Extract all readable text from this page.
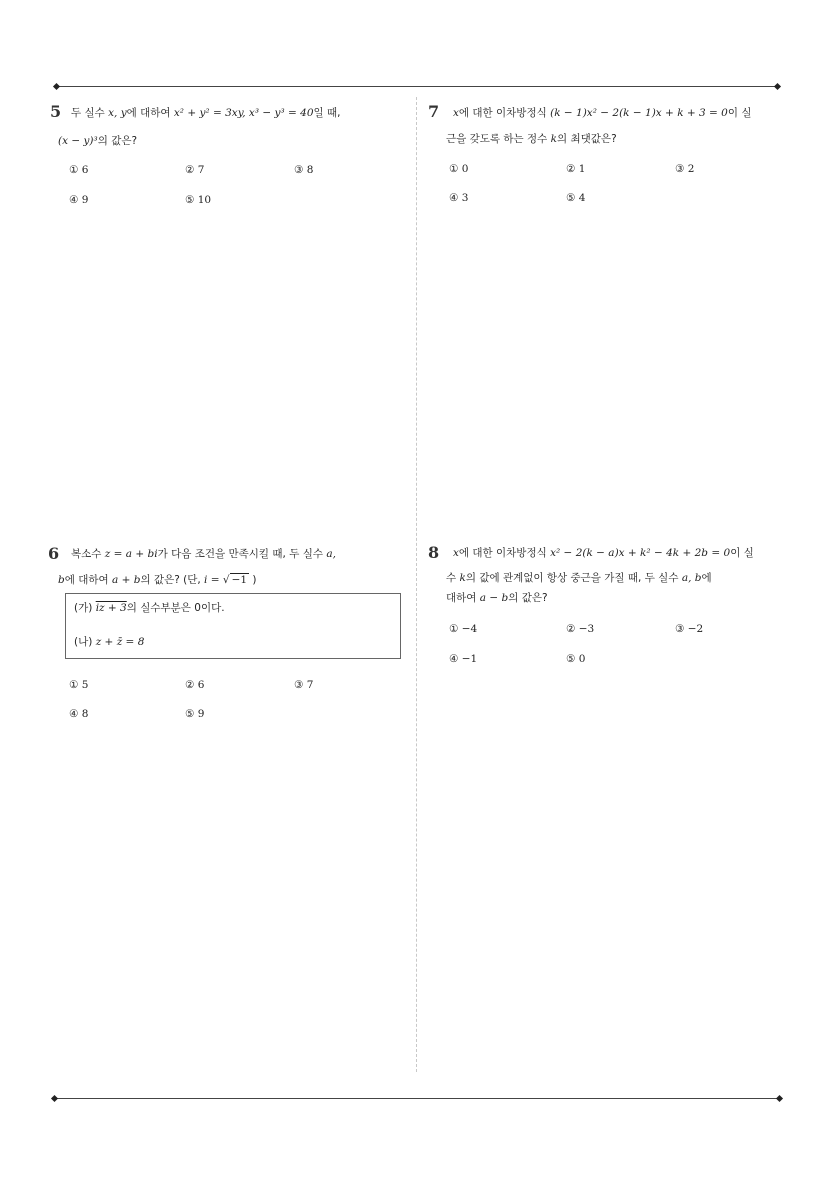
5 두 실수 x, y에 대하여 x² + y² = 3xy, x³ − y³ = 40일 때,
(x − y)³의 값은?
① 6	② 7	③ 8
④ 9	⑤ 10
6 복소수 z = a + bi가 다음 조건을 만족시킬 때, 두 실수 a,
b에 대하여 a + b의 값은? (단, i = √ −1 )
(가) iz + 3의 실수부분은 0이다.
(나) z + z̄ = 8
① 5	② 6	③ 7
④ 8	⑤ 9
7 x에 대한 이차방정식 (k − 1)x² − 2(k − 1)x + k + 3 = 0이 실
근을 갖도록 하는 정수 k의 최댓값은?
① 0	② 1	③ 2
④ 3	⑤ 4
8 x에 대한 이차방정식 x² − 2(k − a)x + k² − 4k + 2b = 0이 실
수 k의 값에 관계없이 항상 중근을 가질 때, 두 실수 a, b에
대하여 a − b의 값은?
① −4	② −3	③ −2
④ −1	⑤ 0
